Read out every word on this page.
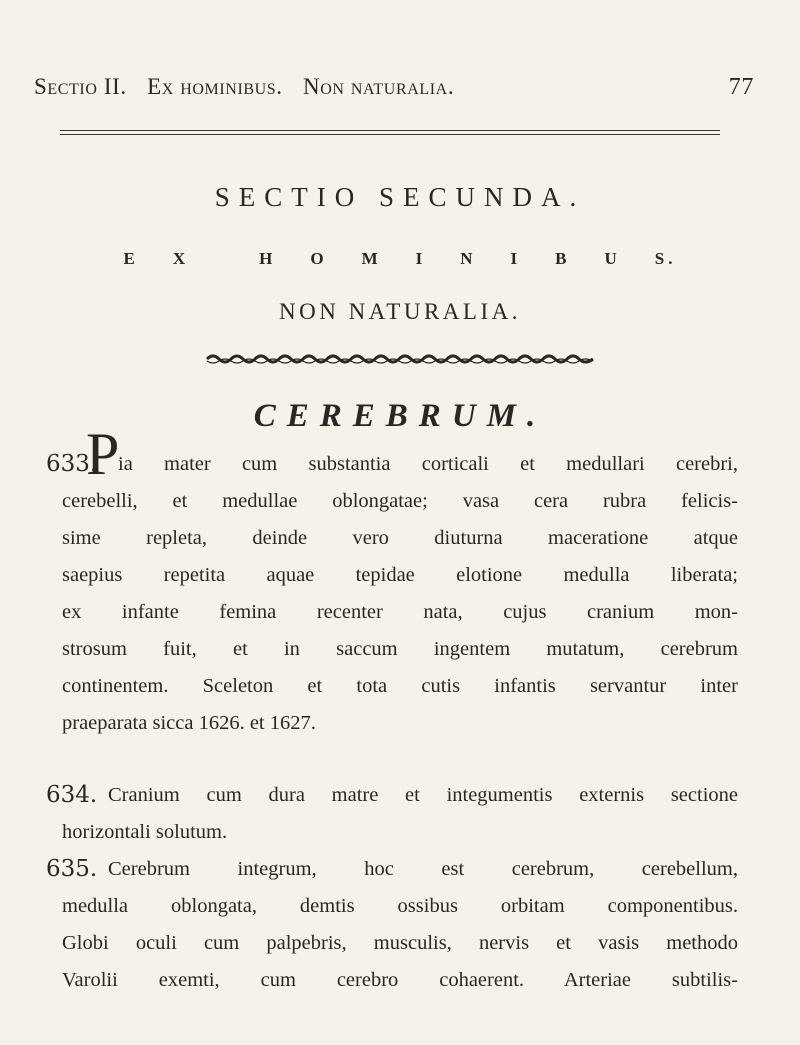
Sectio II. Ex hominibus. Non naturalia.	77
SECTIO SECUNDA.
E X	H O M I N I B U S.
NON NATURALIA.
CEREBRUM.
633.
P
ia mater cum substantia corticali et medullari cerebri,
cerebelli, et medullae oblongatae; vasa cera rubra felicis-
sime repleta, deinde vero diuturna maceratione atque
saepius repetita aquae tepidae elotione medulla liberata;
ex infante femina recenter nata, cujus cranium mon-
strosum fuit, et in saccum ingentem mutatum, cerebrum
continentem. Sceleton et tota cutis infantis servantur inter
praeparata sicca 1626. et 1627.
634. Cranium cum dura matre et integumentis externis sectione
horizontali solutum.
635. Cerebrum integrum, hoc est cerebrum, cerebellum,
medulla oblongata, demtis ossibus orbitam componentibus.
Globi oculi cum palpebris, musculis, nervis et vasis methodo
Varolii exemti, cum cerebro cohaerent. Arteriae subtilis-
